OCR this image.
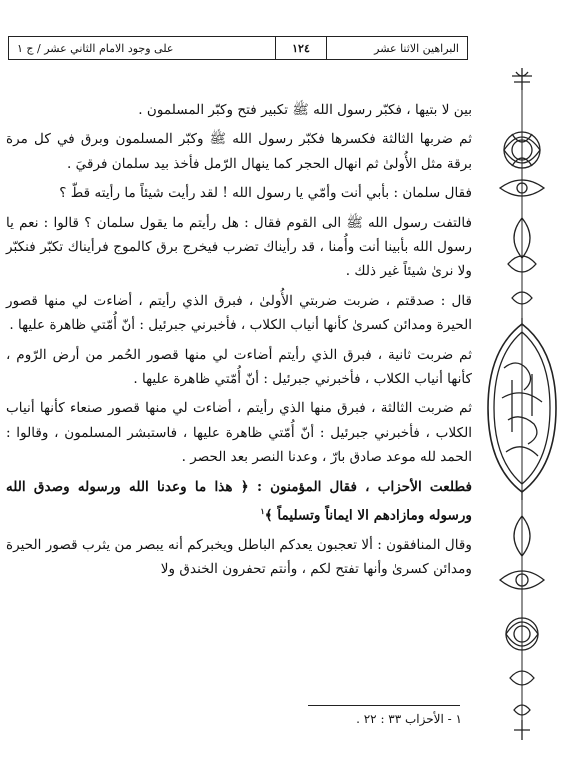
البراهين الاثنا عشر
١٢٤
على وجود الامام الثاني عشر / ج ١

بين لا بتيها ، فكبّر رسول الله ﷺ تكبير فتح وكبّر المسلمون .

ثم ضربها الثالثة فكسرها فكبّر رسول الله ﷺ وكبّر المسلمون وبرق في كل مرة برقة مثل الأُولىٰ ثم انهال الحجر كما ينهال الرّمل فأخذ بيد سلمان فرقيَ .

فقال سلمان : بأبي أنت وأمّي يا رسول الله ! لقد رأيت شيئاً ما رأيته قطّ ؟

فالتفت رسول الله ﷺ الى القوم فقال : هل رأيتم ما يقول سلمان ؟ قالوا : نعم يا رسول الله بأبينا أنت وأُمنا ، قد رأيناك تضرب فيخرج برق كالموج فرأيناك تكبّر فنكبّر ولا نرىٰ شيئاً غير ذلك .

قال : صدقتم ، ضربت ضربتي الأُولىٰ ، فبرق الذي رأيتم ، أضاءت لي منها قصور الحيرة ومدائن كسرىٰ كأنها أنياب الكلاب ، فأخبرني جبرئيل : أنّ أُمّتي ظاهرة عليها .

ثم ضربت ثانية ، فبرق الذي رأيتم أضاءت لي منها قصور الحُمر من أرض الرّوم ، كأنها أنياب الكلاب ، فأخبرني جبرئيل : أنّ أُمّتي ظاهرة عليها .

ثم ضربت الثالثة ، فبرق منها الذي رأيتم ، أضاءت لي منها قصور صنعاء كأنها أنياب الكلاب ، فأخبرني جبرئيل : أنّ أُمّتي ظاهرة عليها ، فاستبشر المسلمون ، وقالوا : الحمد لله موعد صادق بارّ ، وعدنا النصر بعد الحصر .

فطلعت الأحزاب ، فقال المؤمنون : ﴿ هذا ما وعدنا الله ورسوله وصدق الله ورسوله ومازادهم الا ايماناً وتسليماً ﴾$^١$

وقال المنافقون : ألا تعجبون يعدكم الباطل ويخبركم أنه يبصر من يثرب قصور الحيرة ومدائن كسرىٰ وأنها تفتح لكم ، وأنتم تحفرون الخندق ولا

١ - الأحزاب ٣٣ : ٢٢ .
